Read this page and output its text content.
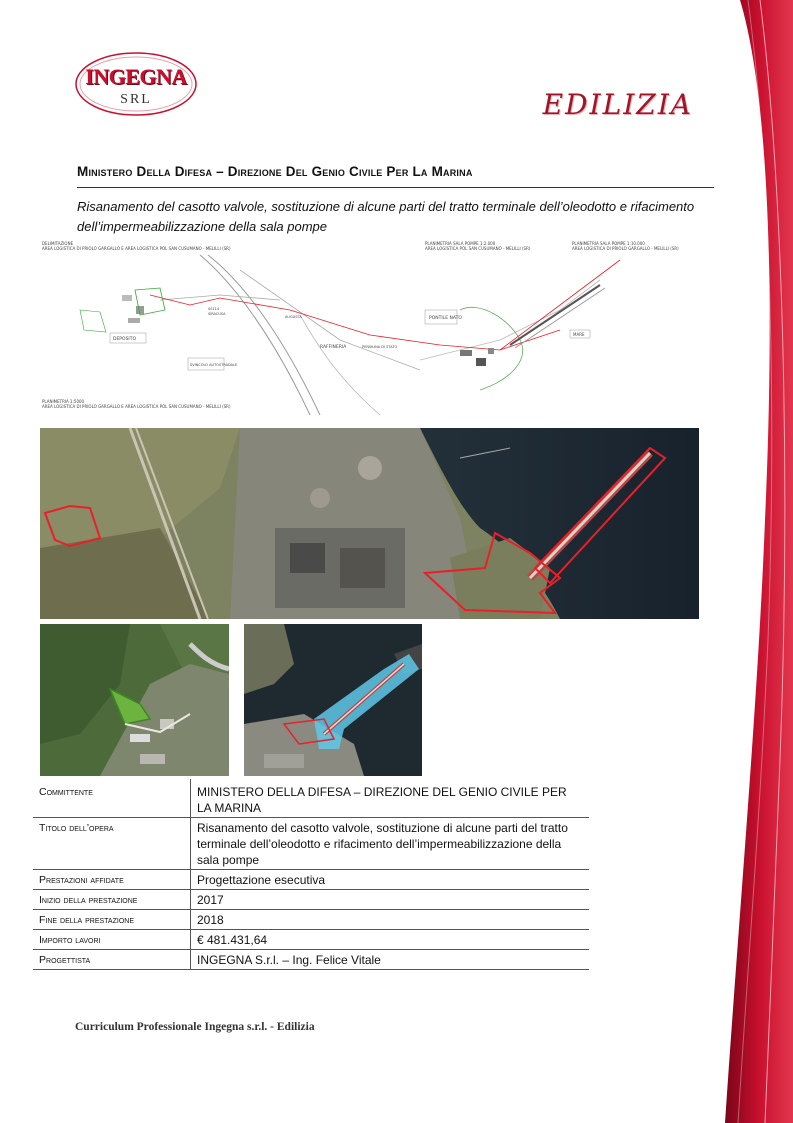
INGEGNA
SRL	EDILIZIA
Ministero Della Difesa – Direzione Del Genio Civile Per La Marina
Risanamento del casotto valvole, sostituzione di alcune parti del tratto terminale dell’oleodotto e rifacimento dell’impermeabilizzazione della sala pompe
DELIMITAZIONE
AREA LOGISTICA DI PRIOLO GARGALLO E AREA LOGISTICA POL SAN CUSUMANO - MELILLI (SR)
PLANIMETRIA SALA POMPE 1:2.000
AREA LOGISTICA POL SAN CUSUMANO - MELILLI (SR)
PLANIMETRIA SALA POMPE 1:10.000
AREA LOGISTICA DI PRIOLO GARGALLO - MELILLI (SR)
PLANIMETRIA 1:5000
AREA LOGISTICA DI PRIOLO GARGALLO E AREA LOGISTICA POL SAN CUSUMANO - MELILLI (SR)
DEPOSITO
RAFFINERIA
PONTILE NATO
MARE
SVINCOLO AUTOSTRADALE
SS114
SIRACUSA
AUGUSTA
PENSILINA DI STATO
Committente	MINISTERO DELLA DIFESA – DIREZIONE DEL GENIO CIVILE PER LA MARINA
Titolo dell’opera	Risanamento del casotto valvole, sostituzione di alcune parti del tratto terminale dell’oleodotto e rifacimento dell’impermeabilizzazione della sala pompe
Prestazioni affidate	Progettazione esecutiva
Inizio della prestazione	2017
Fine della prestazione	2018
Importo lavori	€ 481.431,64
Progettista	INGEGNA S.r.l. – Ing. Felice Vitale
Curriculum Professionale Ingegna s.r.l. - Edilizia
